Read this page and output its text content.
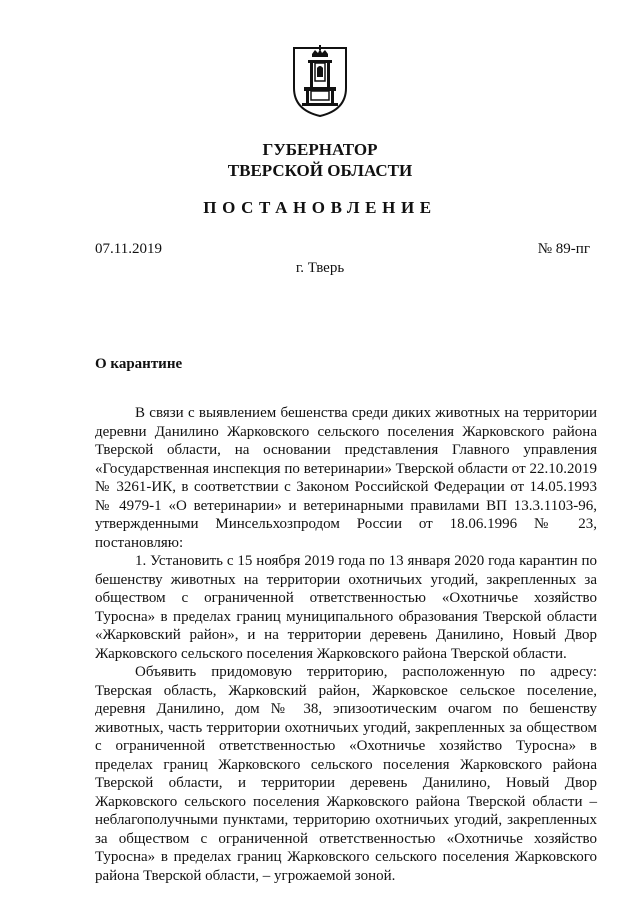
ГУБЕРНАТОР
ТВЕРСКОЙ ОБЛАСТИ
ПОСТАНОВЛЕНИЕ
07.11.2019	№ 89-пг
г. Тверь
О карантине

В связи с выявлением бешенства среди диких животных на территории деревни Данилино Жарковского сельского поселения Жарковского района Тверской области, на основании представления Главного управления «Государственная инспекция по ветеринарии» Тверской области от 22.10.2019 № 3261-ИК, в соответствии с Законом Российской Федерации от 14.05.1993 № 4979-1 «О ветеринарии» и ветеринарными правилами ВП 13.3.1103-96, утвержденными Минсельхозпродом России от 18.06.1996 № 23, постановляю:

1. Установить с 15 ноября 2019 года по 13 января 2020 года карантин по бешенству животных на территории охотничьих угодий, закрепленных за обществом с ограниченной ответственностью «Охотничье хозяйство Туросна» в пределах границ муниципального образования Тверской области «Жарковский район», и на территории деревень Данилино, Новый Двор Жарковского сельского поселения Жарковского района Тверской области.

Объявить придомовую территорию, расположенную по адресу: Тверская область, Жарковский район, Жарковское сельское поселение, деревня Данилино, дом № 38, эпизоотическим очагом по бешенству животных, часть территории охотничьих угодий, закрепленных за обществом с ограниченной ответственностью «Охотничье хозяйство Туросна» в пределах границ Жарковского сельского поселения Жарковского района Тверской области, и территории деревень Данилино, Новый Двор Жарковского сельского поселения Жарковского района Тверской области – неблагополучными пунктами, территорию охотничьих угодий, закрепленных за обществом с ограниченной ответственностью «Охотничье хозяйство Туросна» в пределах границ Жарковского сельского поселения Жарковского района Тверской области, – угрожаемой зоной.
